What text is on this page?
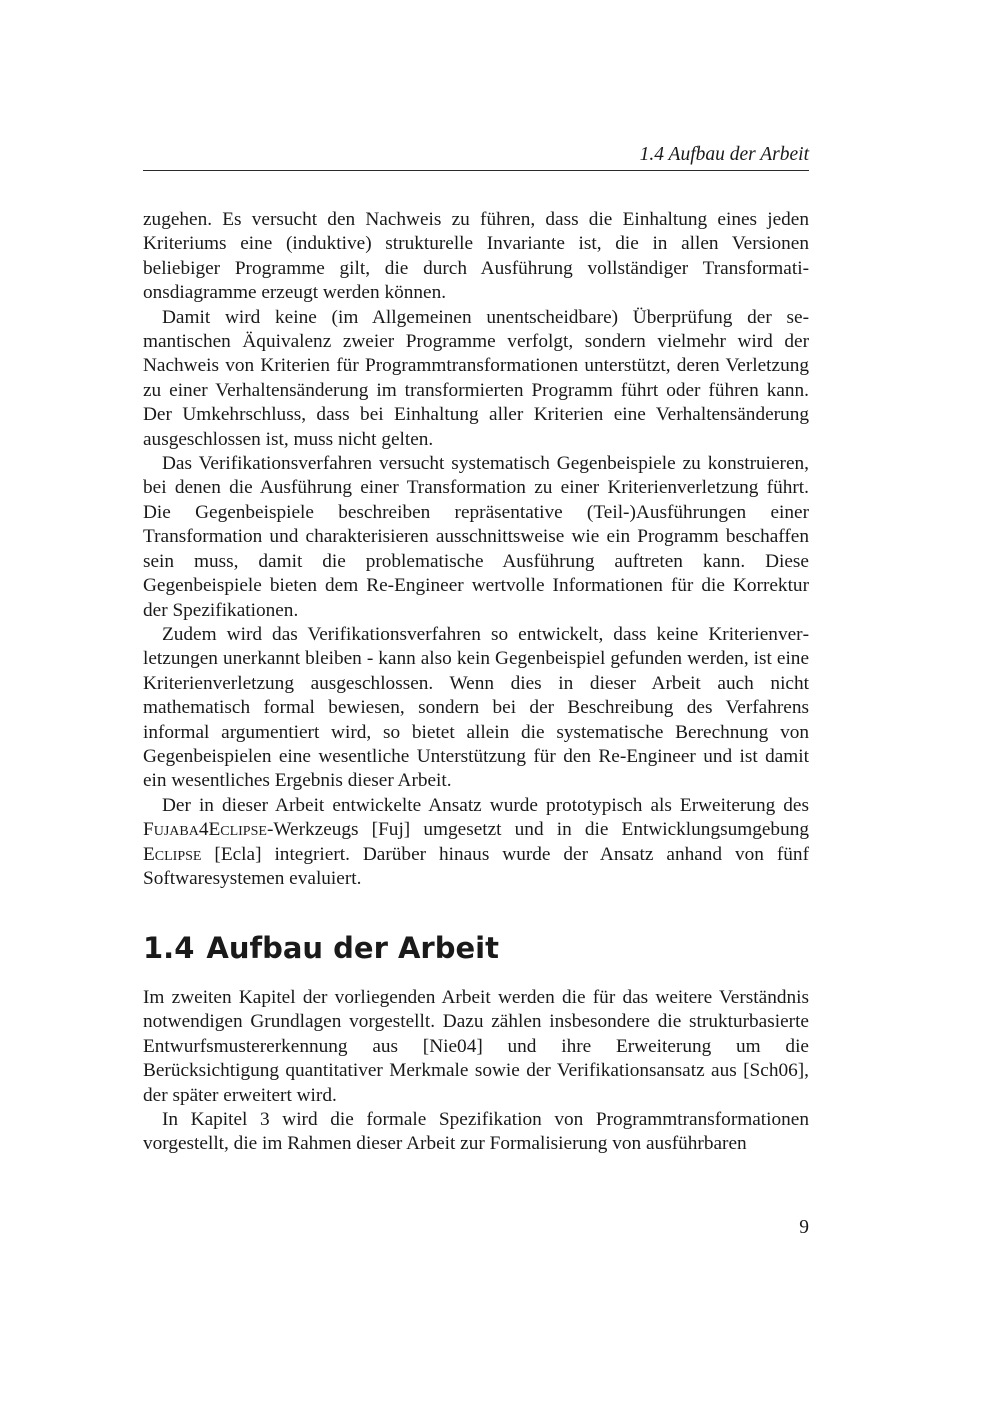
1.4 Aufbau der Arbeit

zugehen. Es versucht den Nachweis zu führen, dass die Einhaltung eines jeden Kriteriums eine (induktive) strukturelle Invariante ist, die in allen Versionen beliebiger Programme gilt, die durch Ausführung vollständiger Transformationsdiagramme erzeugt werden können.

Damit wird keine (im Allgemeinen unentscheidbare) Überprüfung der semantischen Äquivalenz zweier Programme verfolgt, sondern vielmehr wird der Nachweis von Kriterien für Programmtransformationen unterstützt, deren Verletzung zu einer Verhaltensänderung im transformierten Programm führt oder führen kann. Der Umkehrschluss, dass bei Einhaltung aller Kriterien eine Verhaltensänderung ausgeschlossen ist, muss nicht gelten.

Das Verifikationsverfahren versucht systematisch Gegenbeispiele zu konstruieren, bei denen die Ausführung einer Transformation zu einer Kriterienverletzung führt. Die Gegenbeispiele beschreiben repräsentative (Teil-)Ausführungen einer Transformation und charakterisieren ausschnittsweise wie ein Programm beschaffen sein muss, damit die problematische Ausführung auftreten kann. Diese Gegenbeispiele bieten dem Re-Engineer wertvolle Informationen für die Korrektur der Spezifikationen.

Zudem wird das Verifikationsverfahren so entwickelt, dass keine Kriterienverletzungen unerkannt bleiben - kann also kein Gegenbeispiel gefunden werden, ist eine Kriterienverletzung ausgeschlossen. Wenn dies in dieser Arbeit auch nicht mathematisch formal bewiesen, sondern bei der Beschreibung des Verfahrens informal argumentiert wird, so bietet allein die systematische Berechnung von Gegenbeispielen eine wesentliche Unterstützung für den Re-Engineer und ist damit ein wesentliches Ergebnis dieser Arbeit.

Der in dieser Arbeit entwickelte Ansatz wurde prototypisch als Erweiterung des Fujaba4Eclipse-Werkzeugs [Fuj] umgesetzt und in die Entwicklungsumgebung Eclipse [Ecla] integriert. Darüber hinaus wurde der Ansatz anhand von fünf Softwaresystemen evaluiert.

1.4 Aufbau der Arbeit

Im zweiten Kapitel der vorliegenden Arbeit werden die für das weitere Verständnis notwendigen Grundlagen vorgestellt. Dazu zählen insbesondere die strukturbasierte Entwurfsmustererkennung aus [Nie04] und ihre Erweiterung um die Berücksichtigung quantitativer Merkmale sowie der Verifikationsansatz aus [Sch06], der später erweitert wird.

In Kapitel 3 wird die formale Spezifikation von Programmtransformationen vorgestellt, die im Rahmen dieser Arbeit zur Formalisierung von ausführbaren

9
